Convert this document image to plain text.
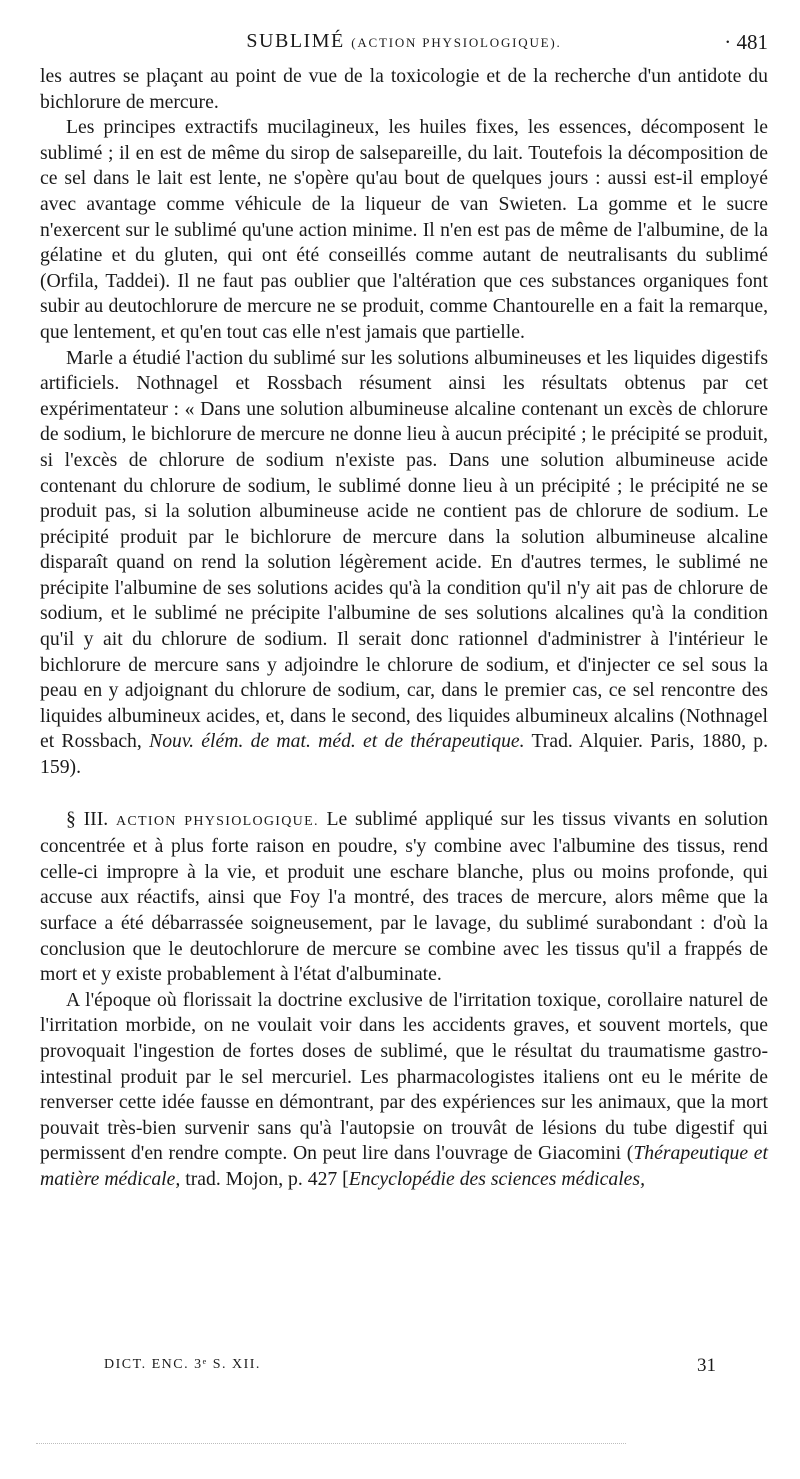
SUBLIMÉ (ACTION PHYSIOLOGIQUE).	· 481

les autres se plaçant au point de vue de la toxicologie et de la recherche d'un antidote du bichlorure de mercure.

Les principes extractifs mucilagineux, les huiles fixes, les essences, décomposent le sublimé ; il en est de même du sirop de salsepareille, du lait. Toutefois la décomposition de ce sel dans le lait est lente, ne s'opère qu'au bout de quelques jours : aussi est-il employé avec avantage comme véhicule de la liqueur de van Swieten. La gomme et le sucre n'exercent sur le sublimé qu'une action minime. Il n'en est pas de même de l'albumine, de la gélatine et du gluten, qui ont été conseillés comme autant de neutralisants du sublimé (Orfila, Taddei). Il ne faut pas oublier que l'altération que ces substances organiques font subir au deutochlorure de mercure ne se produit, comme Chantourelle en a fait la remarque, que lentement, et qu'en tout cas elle n'est jamais que partielle.

Marle a étudié l'action du sublimé sur les solutions albumineuses et les liquides digestifs artificiels. Nothnagel et Rossbach résument ainsi les résultats obtenus par cet expérimentateur : « Dans une solution albumineuse alcaline contenant un excès de chlorure de sodium, le bichlorure de mercure ne donne lieu à aucun précipité ; le précipité se produit, si l'excès de chlorure de sodium n'existe pas. Dans une solution albumineuse acide contenant du chlorure de sodium, le sublimé donne lieu à un précipité ; le précipité ne se produit pas, si la solution albumineuse acide ne contient pas de chlorure de sodium. Le précipité produit par le bichlorure de mercure dans la solution albumineuse alcaline disparaît quand on rend la solution légèrement acide. En d'autres termes, le sublimé ne précipite l'albumine de ses solutions acides qu'à la condition qu'il n'y ait pas de chlorure de sodium, et le sublimé ne précipite l'albumine de ses solutions alcalines qu'à la condition qu'il y ait du chlorure de sodium. Il serait donc rationnel d'administrer à l'intérieur le bichlorure de mercure sans y adjoindre le chlorure de sodium, et d'injecter ce sel sous la peau en y adjoignant du chlorure de sodium, car, dans le premier cas, ce sel rencontre des liquides albumineux acides, et, dans le second, des liquides albumineux alcalins (Nothnagel et Rossbach, Nouv. élém. de mat. méd. et de thérapeutique. Trad. Alquier. Paris, 1880, p. 159).

§ III. ACTION PHYSIOLOGIQUE. Le sublimé appliqué sur les tissus vivants en solution concentrée et à plus forte raison en poudre, s'y combine avec l'albumine des tissus, rend celle-ci impropre à la vie, et produit une eschare blanche, plus ou moins profonde, qui accuse aux réactifs, ainsi que Foy l'a montré, des traces de mercure, alors même que la surface a été débarrassée soigneusement, par le lavage, du sublimé surabondant : d'où la conclusion que le deutochlorure de mercure se combine avec les tissus qu'il a frappés de mort et y existe probablement à l'état d'albuminate.

A l'époque où florissait la doctrine exclusive de l'irritation toxique, corollaire naturel de l'irritation morbide, on ne voulait voir dans les accidents graves, et souvent mortels, que provoquait l'ingestion de fortes doses de sublimé, que le résultat du traumatisme gastro-intestinal produit par le sel mercuriel. Les pharmacologistes italiens ont eu le mérite de renverser cette idée fausse en démontrant, par des expériences sur les animaux, que la mort pouvait très-bien survenir sans qu'à l'autopsie on trouvât de lésions du tube digestif qui permissent d'en rendre compte. On peut lire dans l'ouvrage de Giacomini (Thérapeutique et matière médicale, trad. Mojon, p. 427 [Encyclopédie des sciences médicales,

DICT. ENC. 3ᵉ S. XII.	31
